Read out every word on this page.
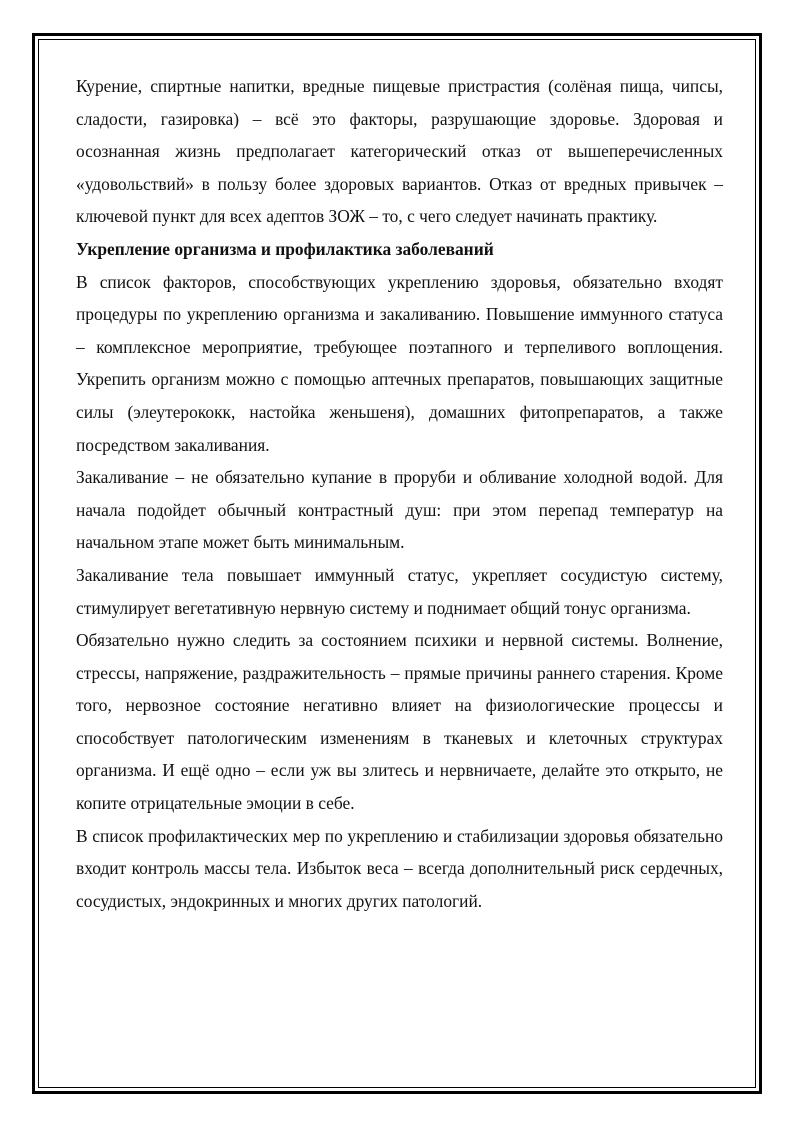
Курение, спиртные напитки, вредные пищевые пристрастия (солёная пища, чипсы, сладости, газировка) – всё это факторы, разрушающие здоровье. Здоровая и осознанная жизнь предполагает категорический отказ от вышеперечисленных «удовольствий» в пользу более здоровых вариантов. Отказ от вредных привычек – ключевой пункт для всех адептов ЗОЖ – то, с чего следует начинать практику.

Укрепление организма и профилактика заболеваний

В список факторов, способствующих укреплению здоровья, обязательно входят процедуры по укреплению организма и закаливанию. Повышение иммунного статуса – комплексное мероприятие, требующее поэтапного и терпеливого воплощения. Укрепить организм можно с помощью аптечных препаратов, повышающих защитные силы (элеутерококк, настойка женьшеня), домашних фитопрепаратов, а также посредством закаливания.

Закаливание – не обязательно купание в проруби и обливание холодной водой. Для начала подойдет обычный контрастный душ: при этом перепад температур на начальном этапе может быть минимальным.

Закаливание тела повышает иммунный статус, укрепляет сосудистую систему, стимулирует вегетативную нервную систему и поднимает общий тонус организма.

Обязательно нужно следить за состоянием психики и нервной системы. Волнение, стрессы, напряжение, раздражительность – прямые причины раннего старения. Кроме того, нервозное состояние негативно влияет на физиологические процессы и способствует патологическим изменениям в тканевых и клеточных структурах организма. И ещё одно – если уж вы злитесь и нервничаете, делайте это открыто, не копите отрицательные эмоции в себе.

В список профилактических мер по укреплению и стабилизации здоровья обязательно входит контроль массы тела. Избыток веса – всегда дополнительный риск сердечных, сосудистых, эндокринных и многих других патологий.
